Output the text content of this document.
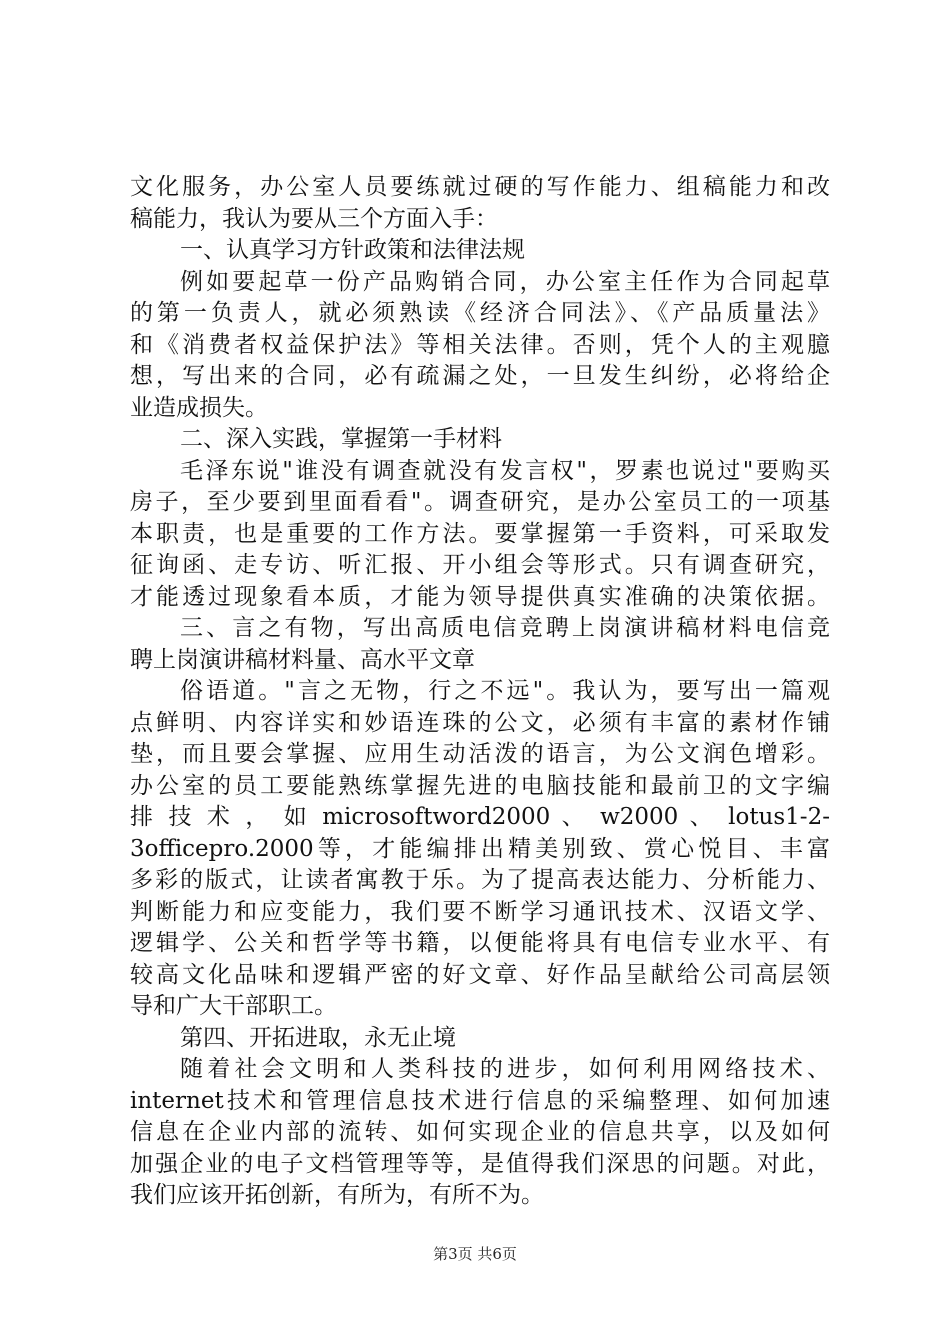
文化服务，办公室人员要练就过硬的写作能力、组稿能力和改
稿能力，我认为要从三个方面入手：
一、认真学习方针政策和法律法规
例如要起草一份产品购销合同，办公室主任作为合同起草
的第一负责人，就必须熟读《经济合同法》、《产品质量法》
和《消费者权益保护法》等相关法律。否则，凭个人的主观臆
想，写出来的合同，必有疏漏之处，一旦发生纠纷，必将给企
业造成损失。
二、深入实践，掌握第一手材料
毛泽东说"谁没有调查就没有发言权"，罗素也说过"要购买
房子，至少要到里面看看"。调查研究，是办公室员工的一项基
本职责，也是重要的工作方法。要掌握第一手资料，可采取发
征询函、走专访、听汇报、开小组会等形式。只有调查研究，
才能透过现象看本质，才能为领导提供真实准确的决策依据。
三、言之有物，写出高质电信竞聘上岗演讲稿材料电信竞
聘上岗演讲稿材料量、高水平文章
俗语道。"言之无物，行之不远"。我认为，要写出一篇观
点鲜明、内容详实和妙语连珠的公文，必须有丰富的素材作铺
垫，而且要会掌握、应用生动活泼的语言，为公文润色增彩。
办公室的员工要能熟练掌握先进的电脑技能和最前卫的文字编
排 技 术 ， 如 microsoftword2000 、 w2000 、 lotus1-2-
3officepro.2000等，才能编排出精美别致、赏心悦目、丰富
多彩的版式，让读者寓教于乐。为了提高表达能力、分析能力、
判断能力和应变能力，我们要不断学习通讯技术、汉语文学、
逻辑学、公关和哲学等书籍，以便能将具有电信专业水平、有
较高文化品味和逻辑严密的好文章、好作品呈献给公司高层领
导和广大干部职工。
第四、开拓进取，永无止境
随着社会文明和人类科技的进步，如何利用网络技术、
internet技术和管理信息技术进行信息的采编整理、如何加速
信息在企业内部的流转、如何实现企业的信息共享，以及如何
加强企业的电子文档管理等等，是值得我们深思的问题。对此，
我们应该开拓创新，有所为，有所不为。
第3页 共6页
